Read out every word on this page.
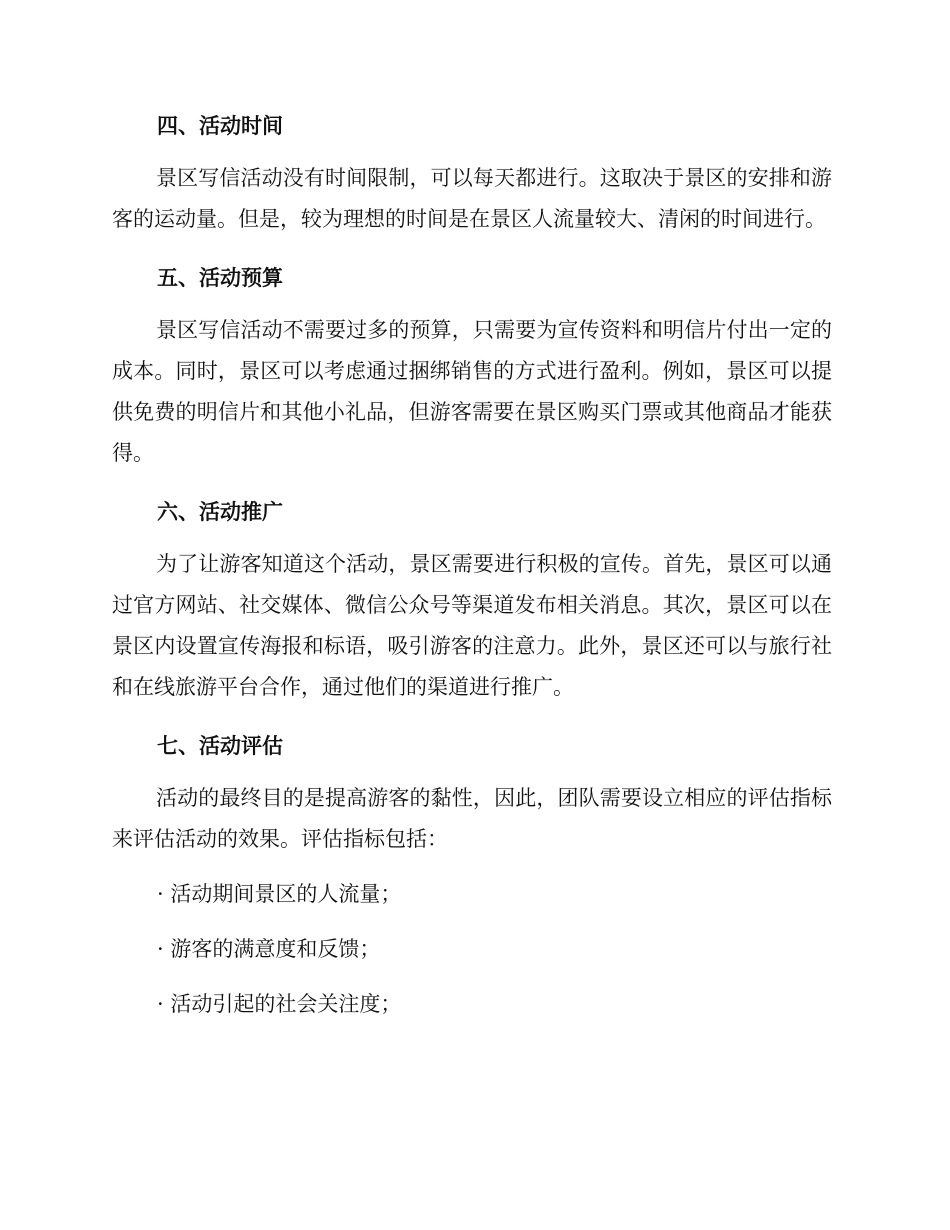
四、活动时间

景区写信活动没有时间限制，可以每天都进行。这取决于景区的安排和游客的运动量。但是，较为理想的时间是在景区人流量较大、清闲的时间进行。

五、活动预算

景区写信活动不需要过多的预算，只需要为宣传资料和明信片付出一定的成本。同时，景区可以考虑通过捆绑销售的方式进行盈利。例如，景区可以提供免费的明信片和其他小礼品，但游客需要在景区购买门票或其他商品才能获得。

六、活动推广

为了让游客知道这个活动，景区需要进行积极的宣传。首先，景区可以通过官方网站、社交媒体、微信公众号等渠道发布相关消息。其次，景区可以在景区内设置宣传海报和标语，吸引游客的注意力。此外，景区还可以与旅行社和在线旅游平台合作，通过他们的渠道进行推广。

七、活动评估

活动的最终目的是提高游客的黏性，因此，团队需要设立相应的评估指标来评估活动的效果。评估指标包括：

· 活动期间景区的人流量；

· 游客的满意度和反馈；

· 活动引起的社会关注度；
